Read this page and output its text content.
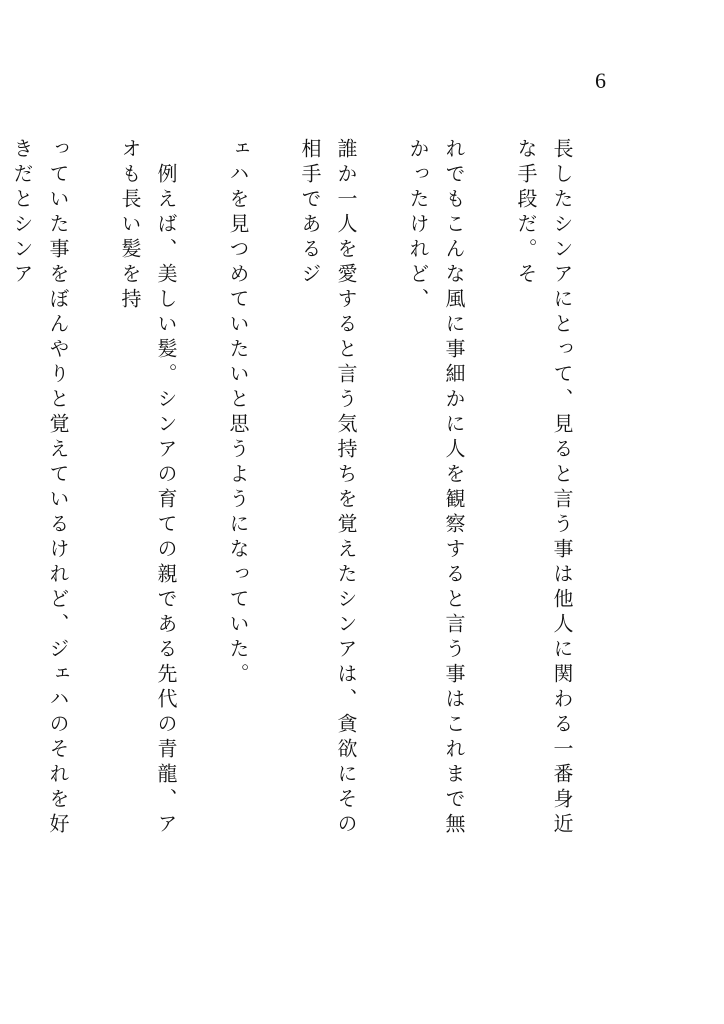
6

長したシンアにとって、見ると言う事は他人に関わる一番身近な手段だ。そ

れでもこんな風に事細かに人を観察すると言う事はこれまで無かったけれど、

誰か一人を愛すると言う気持ちを覚えたシンアは、貪欲にその相手であるジ

ェハを見つめていたいと思うようになっていた。

　例えば、美しい髪。シンアの育ての親である先代の青龍、アオも長い髪を持

っていた事をぼんやりと覚えているけれど、ジェハのそれを好きだとシンア
